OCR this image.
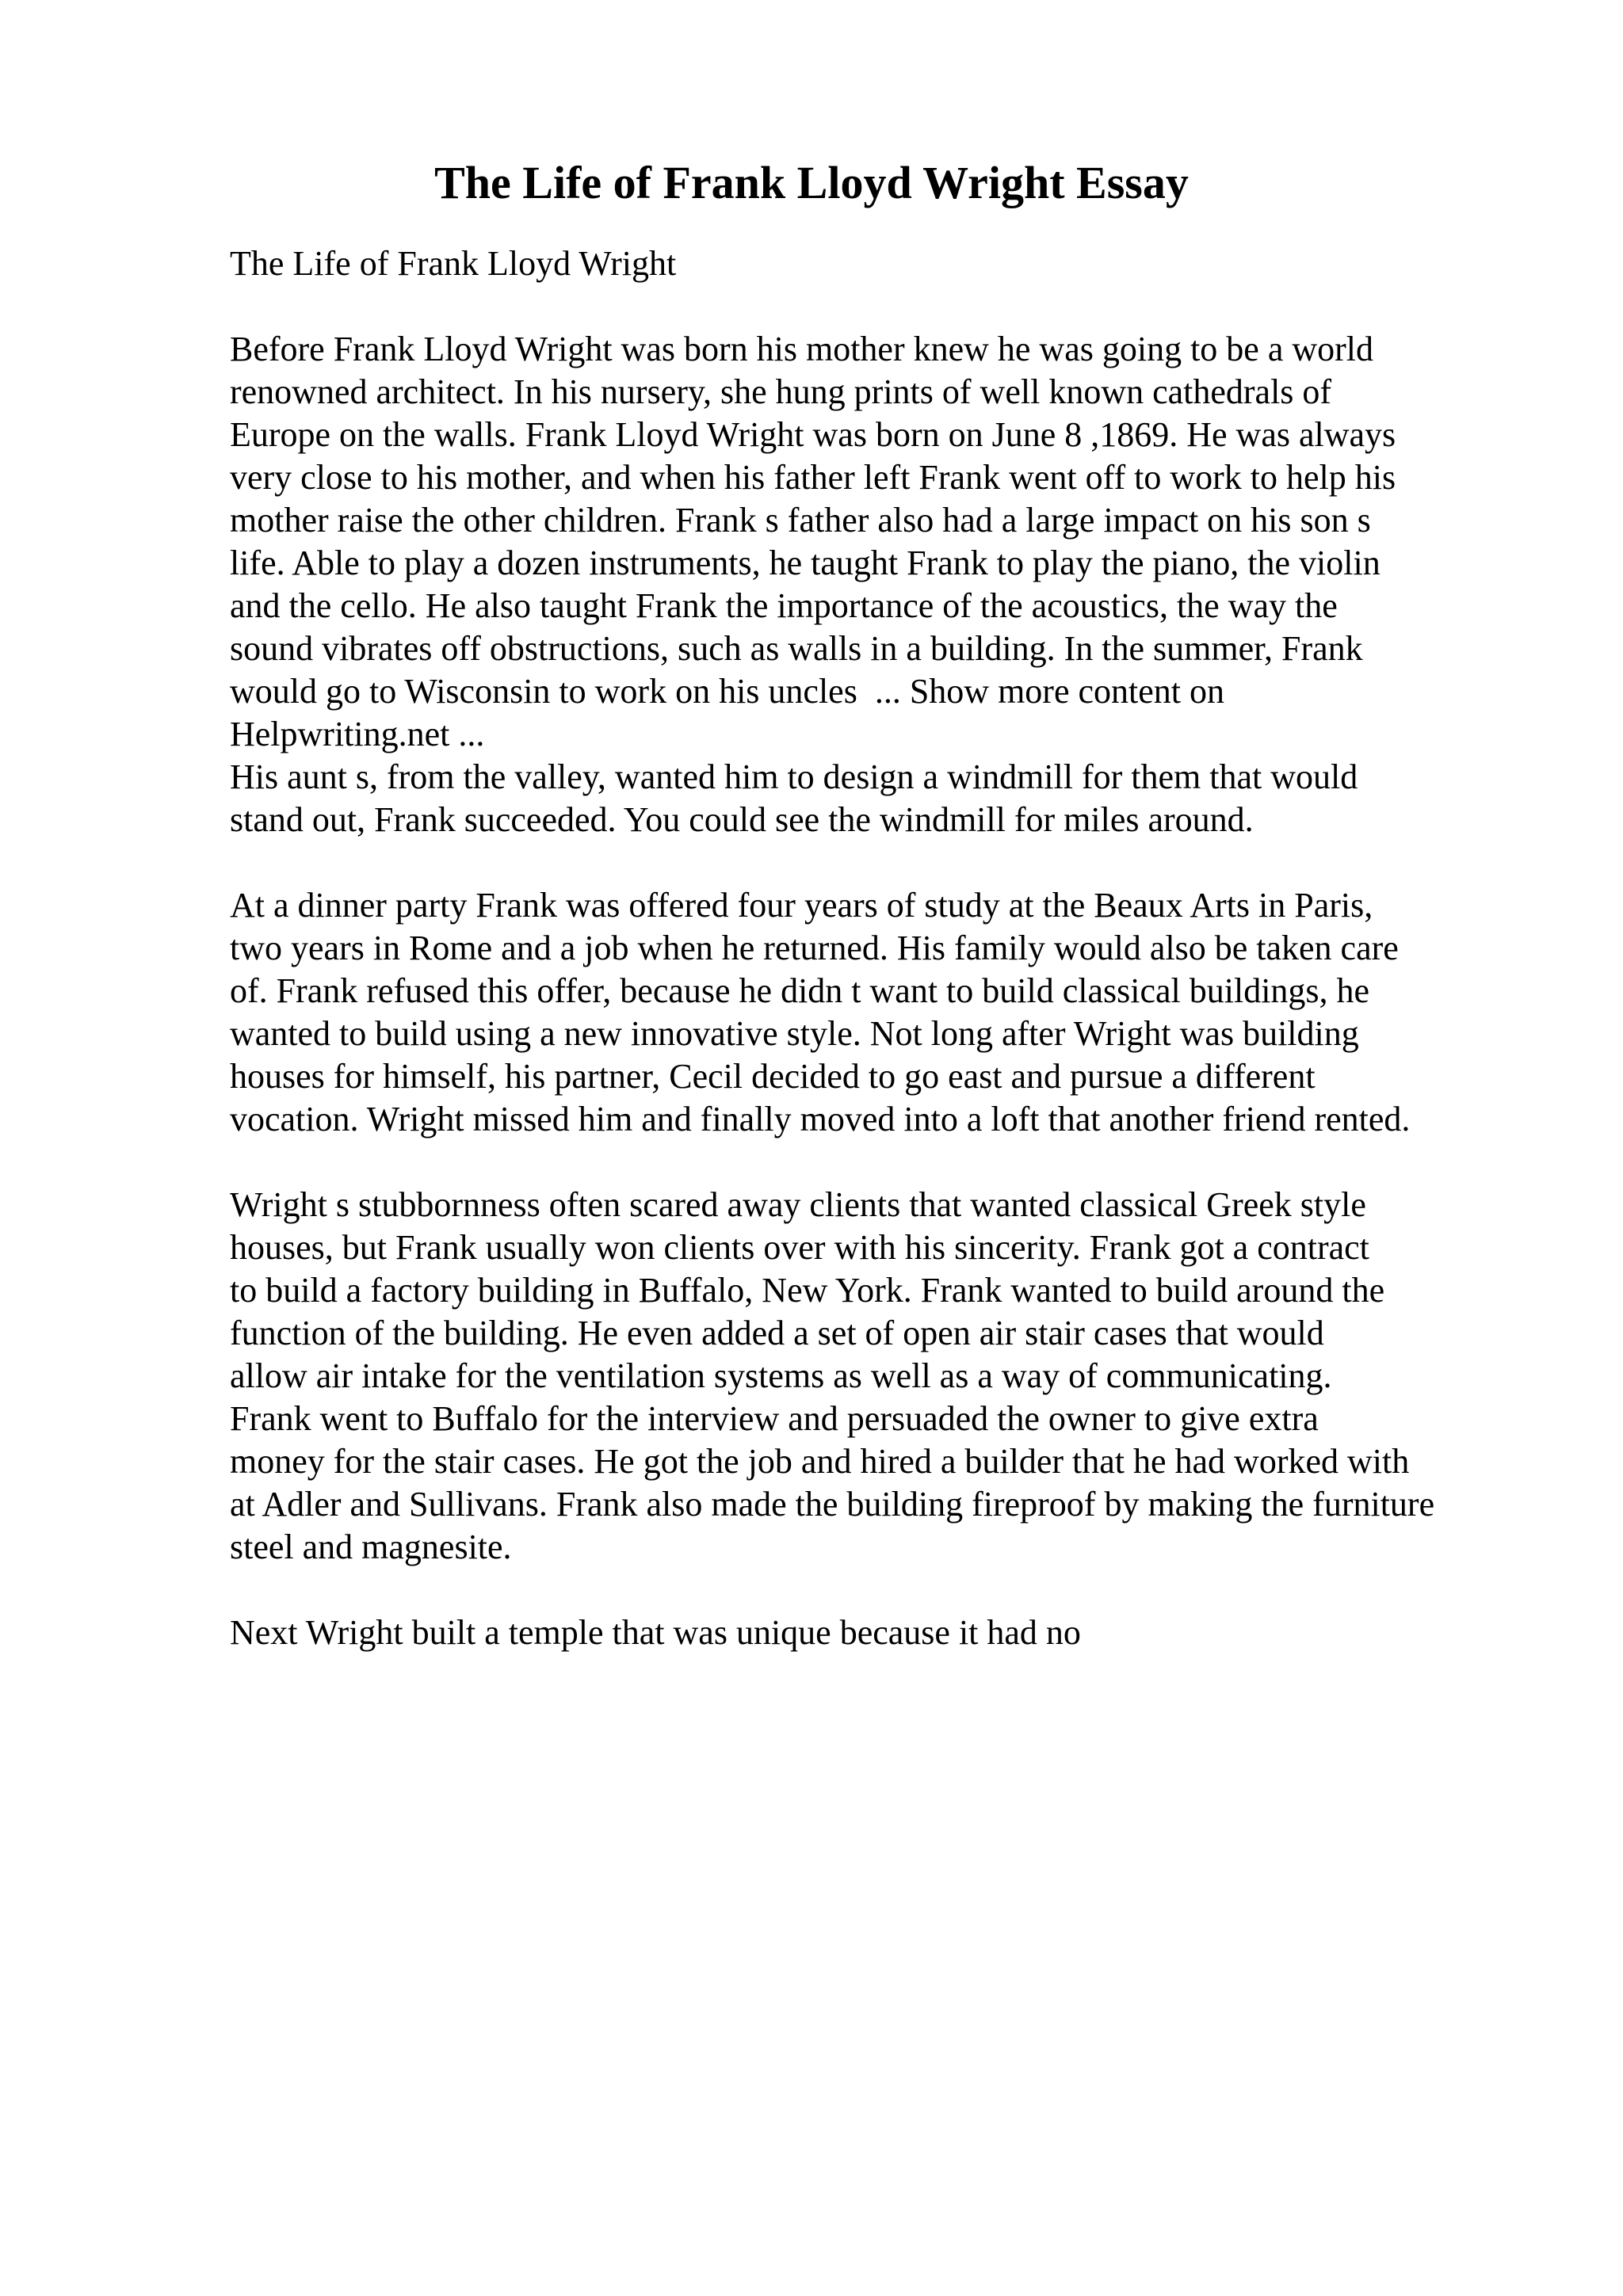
The Life of Frank Lloyd Wright Essay
The Life of Frank Lloyd Wright
Before Frank Lloyd Wright was born his mother knew he was going to be a world
renowned architect. In his nursery, she hung prints of well known cathedrals of
Europe on the walls. Frank Lloyd Wright was born on June 8 ,1869. He was always
very close to his mother, and when his father left Frank went off to work to help his
mother raise the other children. Frank s father also had a large impact on his son s
life. Able to play a dozen instruments, he taught Frank to play the piano, the violin
and the cello. He also taught Frank the importance of the acoustics, the way the
sound vibrates off obstructions, such as walls in a building. In the summer, Frank
would go to Wisconsin to work on his uncles  ... Show more content on
Helpwriting.net ...
His aunt s, from the valley, wanted him to design a windmill for them that would
stand out, Frank succeeded. You could see the windmill for miles around.
At a dinner party Frank was offered four years of study at the Beaux Arts in Paris,
two years in Rome and a job when he returned. His family would also be taken care
of. Frank refused this offer, because he didn t want to build classical buildings, he
wanted to build using a new innovative style. Not long after Wright was building
houses for himself, his partner, Cecil decided to go east and pursue a different
vocation. Wright missed him and finally moved into a loft that another friend rented.
Wright s stubbornness often scared away clients that wanted classical Greek style
houses, but Frank usually won clients over with his sincerity. Frank got a contract
to build a factory building in Buffalo, New York. Frank wanted to build around the
function of the building. He even added a set of open air stair cases that would
allow air intake for the ventilation systems as well as a way of communicating.
Frank went to Buffalo for the interview and persuaded the owner to give extra
money for the stair cases. He got the job and hired a builder that he had worked with
at Adler and Sullivans. Frank also made the building fireproof by making the furniture
steel and magnesite.
Next Wright built a temple that was unique because it had no
